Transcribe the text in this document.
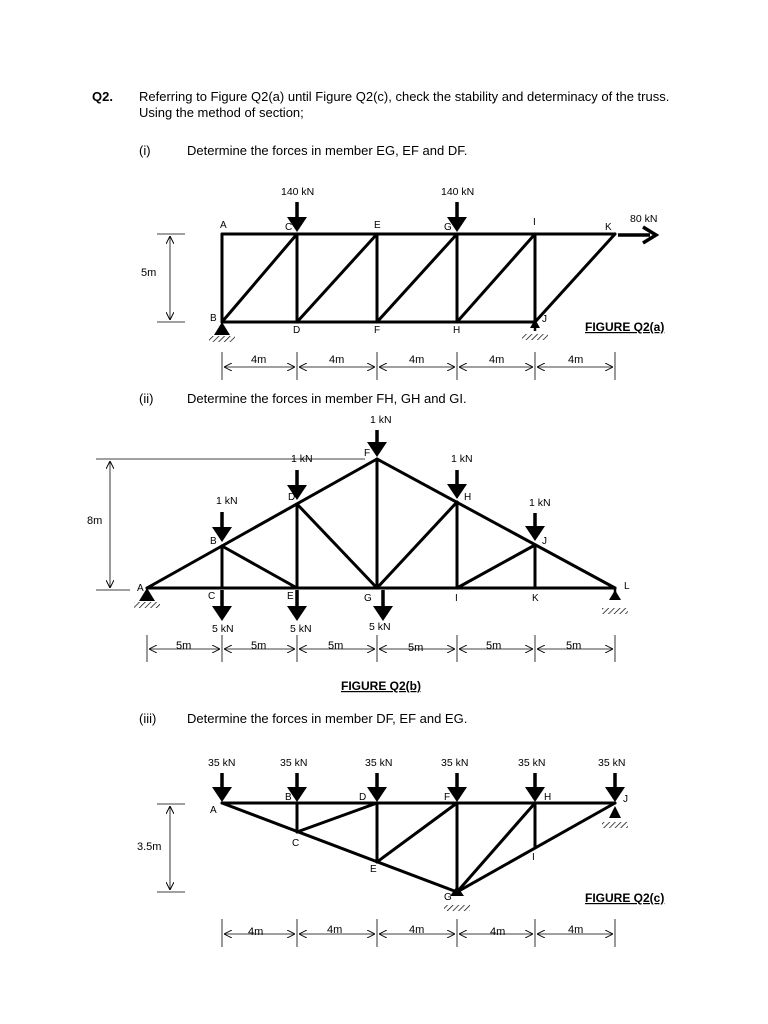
Q2. Referring to Figure Q2(a) until Figure Q2(c), check the stability and determinacy of the truss. Using the method of section;
(i)	Determine the forces in member EG, EF and DF.
(ii)	Determine the forces in member FH, GH and GI.
(iii) Determine the forces in member DF, EF and EG.
140 kN	140 kN
80 kN
A
B
C
D
E
F
G
H
I
J
K
5m
4m	4m	4m	4m	4m
FIGURE Q2(a)
1 kN
1 kN
1 kN
1 kN
1 kN
5 kN	5 kN	5 kN
A
B
C
D
E
F
G
H
I
J
K
L
8m
5m	5m	5m	5m	5m	5m
FIGURE Q2(b)
35 kN	35 kN	35 kN	35 kN	35 kN	35 kN
A
B
C
D
E
F
G
H
I
J
3.5m
4m	4m	4m	4m	4m
FIGURE Q2(c)
